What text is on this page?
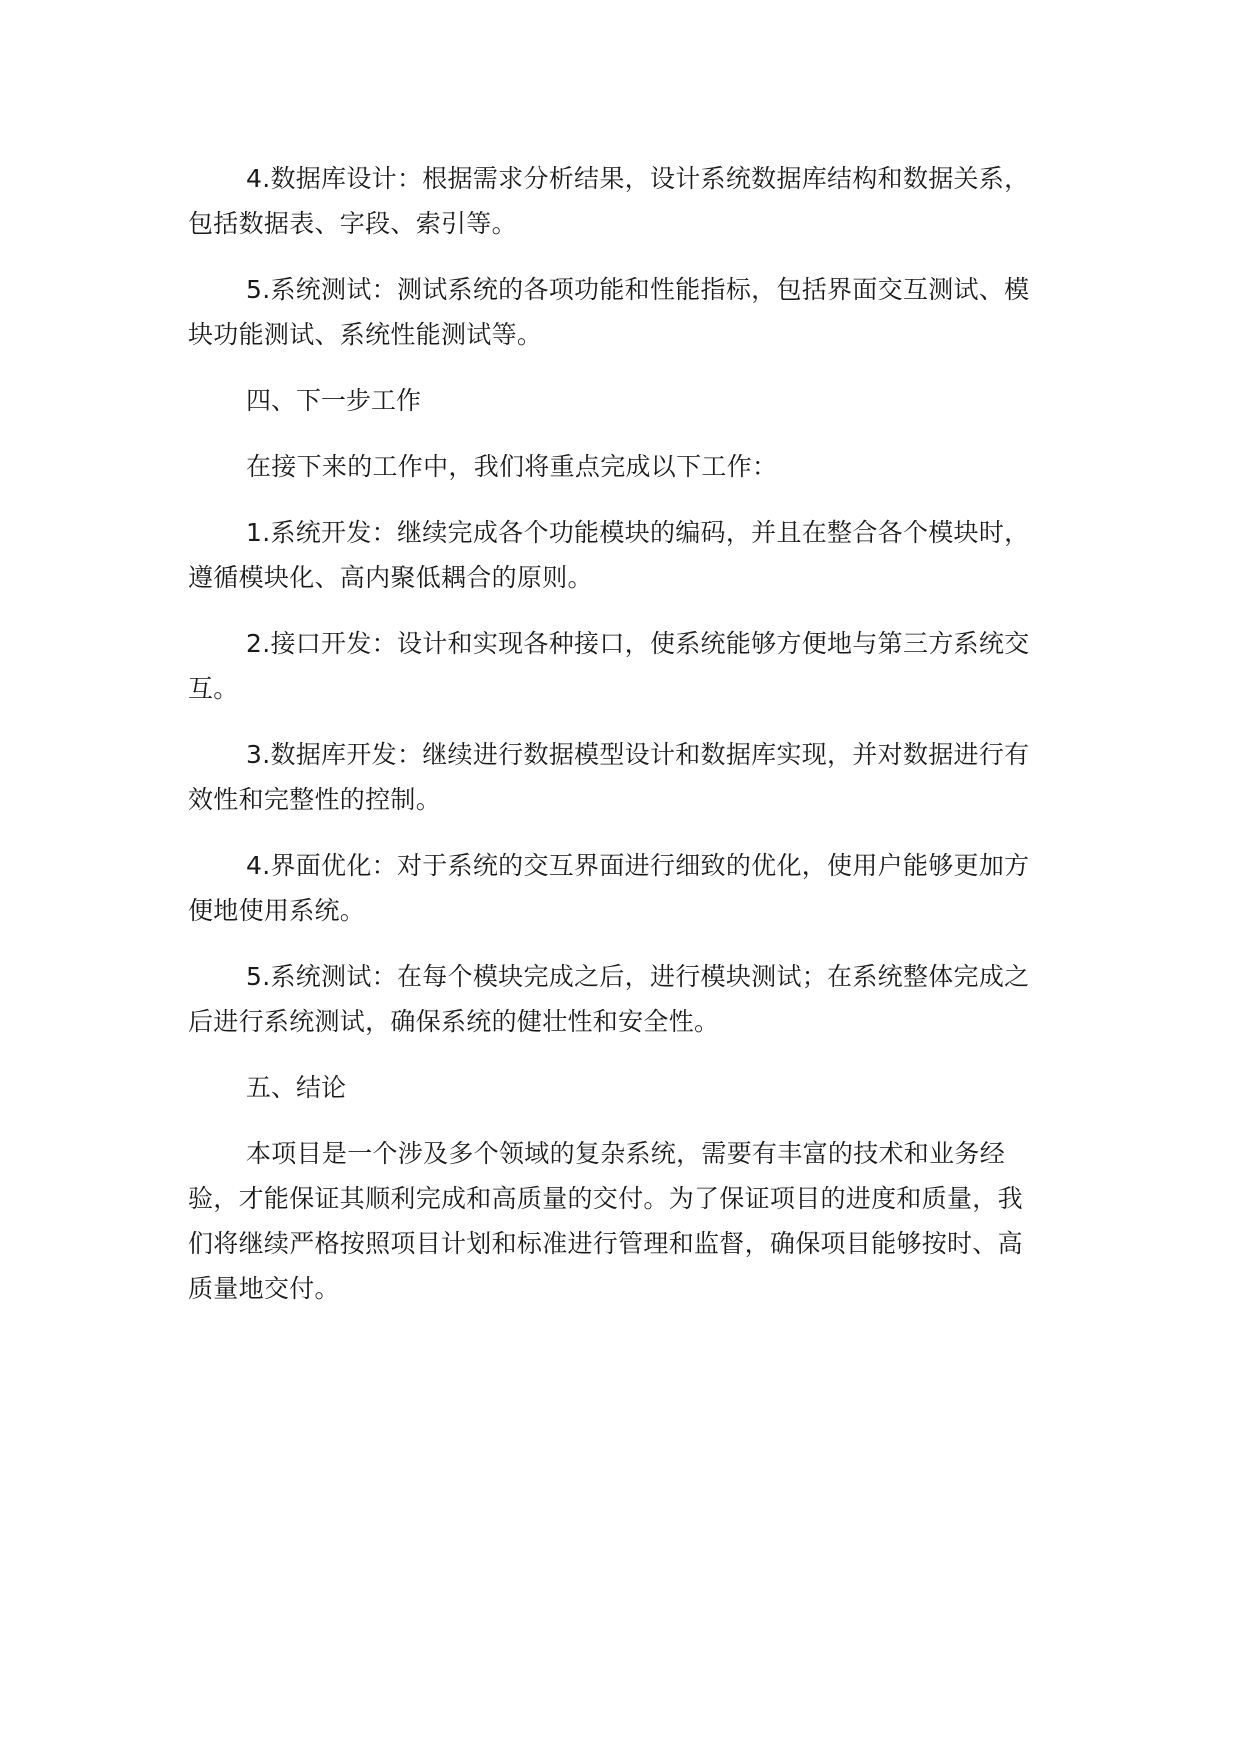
4.数据库设计：根据需求分析结果，设计系统数据库结构和数据关系，包括数据表、字段、索引等。

5.系统测试：测试系统的各项功能和性能指标，包括界面交互测试、模块功能测试、系统性能测试等。

四、下一步工作

在接下来的工作中，我们将重点完成以下工作：

1.系统开发：继续完成各个功能模块的编码，并且在整合各个模块时，遵循模块化、高内聚低耦合的原则。

2.接口开发：设计和实现各种接口，使系统能够方便地与第三方系统交互。

3.数据库开发：继续进行数据模型设计和数据库实现，并对数据进行有效性和完整性的控制。

4.界面优化：对于系统的交互界面进行细致的优化，使用户能够更加方便地使用系统。

5.系统测试：在每个模块完成之后，进行模块测试；在系统整体完成之后进行系统测试，确保系统的健壮性和安全性。

五、结论

本项目是一个涉及多个领域的复杂系统，需要有丰富的技术和业务经验，才能保证其顺利完成和高质量的交付。为了保证项目的进度和质量，我们将继续严格按照项目计划和标准进行管理和监督，确保项目能够按时、高质量地交付。
